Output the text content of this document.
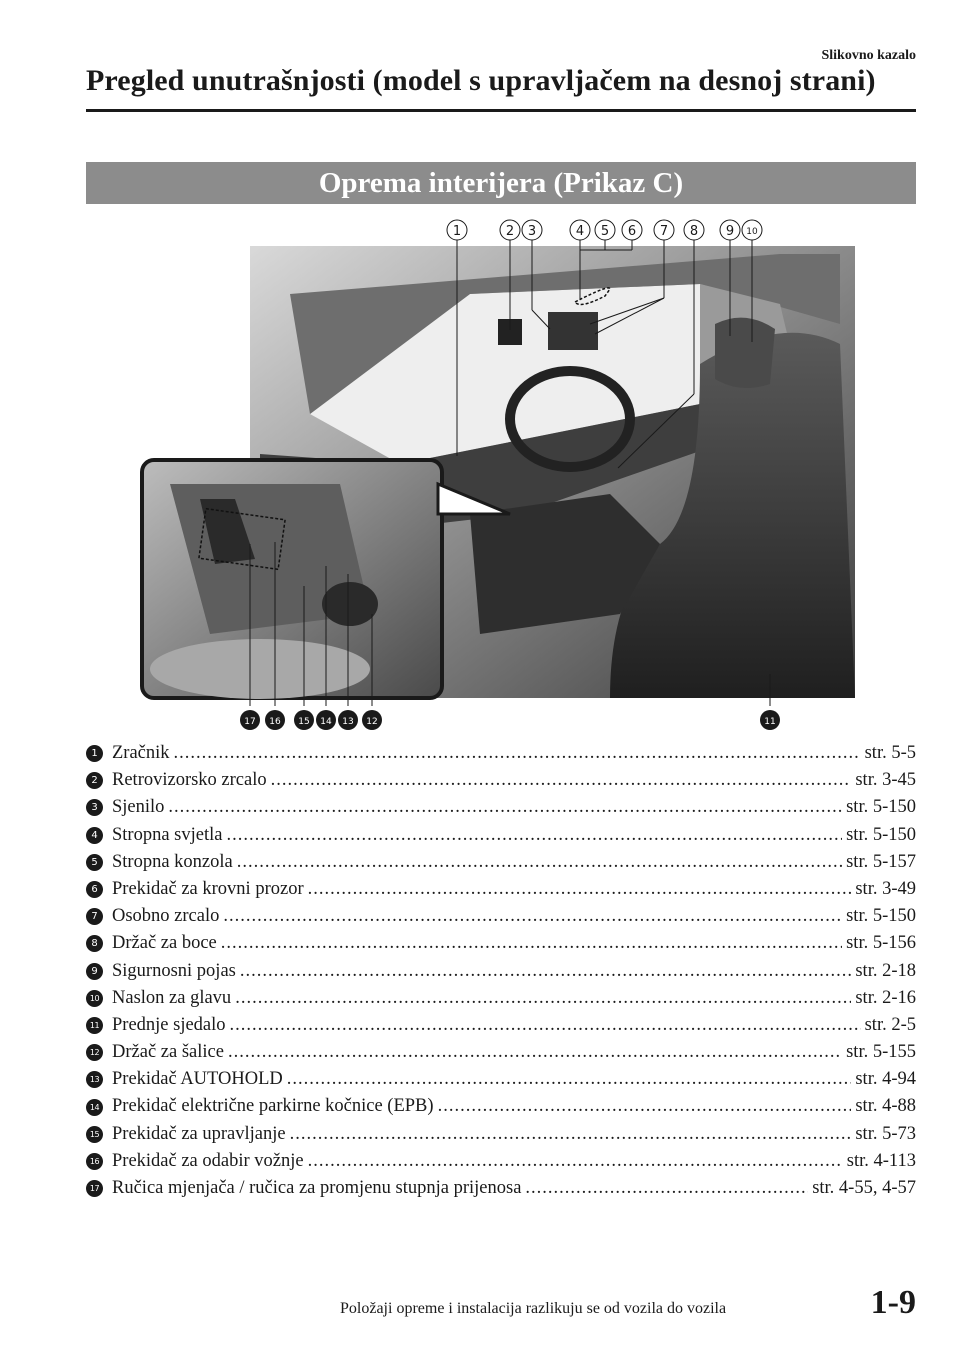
Slikovno kazalo
Pregled unutrašnjosti (model s upravljačem na desnoj strani)
Oprema interijera (Prikaz C)
1	2 3	4 5 6 7 8 9 10
17 16 15 14 13 12	11
1 Zračnik .....	str. 5-5
2 Retrovizorsko zrcalo .....	str. 3-45
3 Sjenilo .....	str. 5-150
4 Stropna svjetla .....	str. 5-150
5 Stropna konzola .....	str. 5-157
6 Prekidač za krovni prozor .....	str. 3-49
7 Osobno zrcalo .....	str. 5-150
8 Držač za boce .....	str. 5-156
9 Sigurnosni pojas .....	str. 2-18
10 Naslon za glavu .....	str. 2-16
11 Prednje sjedalo .....	str. 2-5
12 Držač za šalice .....	str. 5-155
13 Prekidač AUTOHOLD .....	str. 4-94
14 Prekidač električne parkirne kočnice (EPB) .....	str. 4-88
15 Prekidač za upravljanje .....	str. 5-73
16 Prekidač za odabir vožnje .....	str. 4-113
17 Ručica mjenjača / ručica za promjenu stupnja prijenosa .....	str. 4-55, 4-57
Položaji opreme i instalacija razlikuju se od vozila do vozila	1-9
